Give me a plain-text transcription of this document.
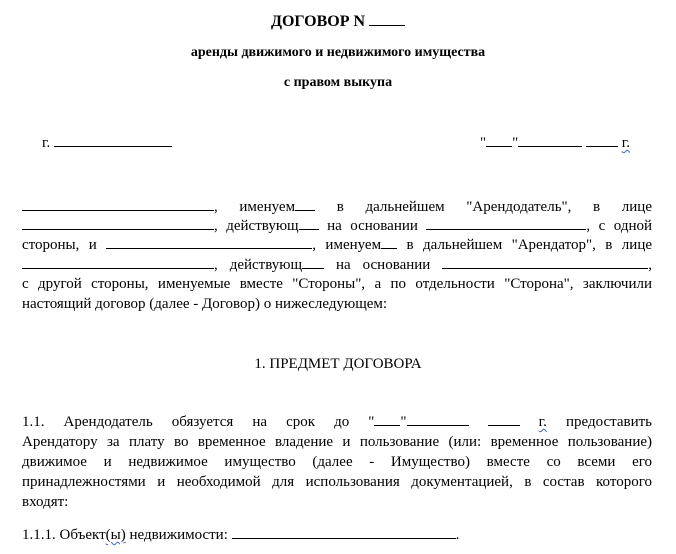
ДОГОВОР N
аренды движимого и недвижимого имущества
с правом выкупа
г.	" "	г.
, именуем	в дальнейшем "Арендодатель", в лице
, действующ на основании	, с одной
стороны, и	, именуем в дальнейшем "Арендатор", в лице
, действующ на основании	,
с другой стороны, именуемые вместе "Стороны", а по отдельности "Сторона", заключили
настоящий договор (далее - Договор) о нижеследующем:
1. ПРЕДМЕТ ДОГОВОРА
1.1. Арендодатель обязуется на срок до " "	г. предоставить
Арендатору за плату во временное владение и пользование (или: временное пользование)
движимое и недвижимое имущество (далее - Имущество) вместе со всеми его
принадлежностями и необходимой для использования документацией, в состав которого
входят:
1.1.1. Объект(ы) недвижимости:	.
